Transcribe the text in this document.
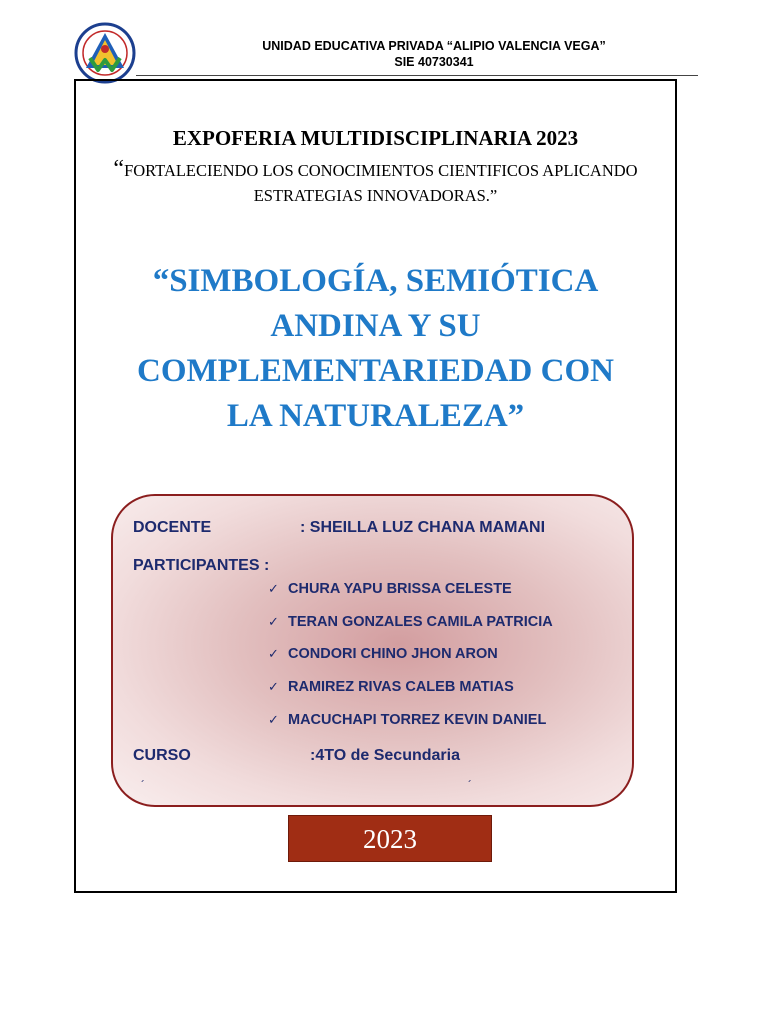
UNIDAD EDUCATIVA PRIVADA “ALIPIO VALENCIA VEGA”
SIE 40730341
EXPOFERIA MULTIDISCIPLINARIA 2023
“FORTALECIENDO LOS CONOCIMIENTOS CIENTIFICOS APLICANDO
ESTRATEGIAS INNOVADORAS.”
“SIMBOLOGÍA, SEMIÓTICA
ANDINA Y SU
COMPLEMENTARIEDAD CON
LA NATURALEZA”
DOCENTE	: SHEILLA LUZ CHANA MAMANI
PARTICIPANTES :
✓ CHURA YAPU BRISSA CELESTE
✓ TERAN GONZALES CAMILA PATRICIA
✓ CONDORI CHINO JHON ARON
✓ RAMIREZ RIVAS CALEB MATIAS
✓ MACUCHAPI TORREZ KEVIN DANIEL
CURSO	:4TO de Secundaria
´	´
2023
